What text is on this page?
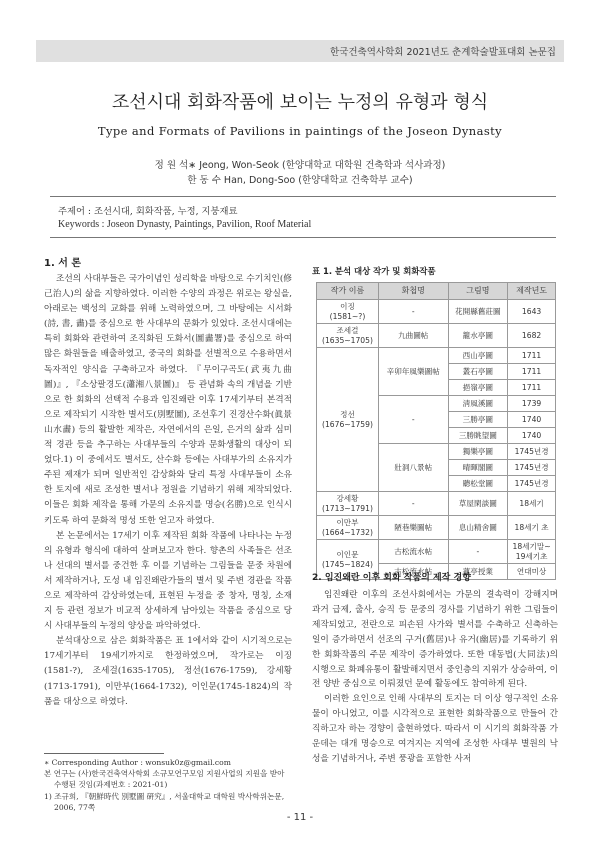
한국건축역사학회 2021년도 춘계학술발표대회 논문집
조선시대 회화작품에 보이는 누정의 유형과 형식
Type and Formats of Pavilions in paintings of the Joseon Dynasty
정 원 석∗ Jeong, Won-Seok (한양대학교 대학원 건축학과 석사과정)
한 동 수 Han, Dong-Soo (한양대학교 건축학부 교수)
주제어 : 조선시대, 회화작품, 누정, 지붕재료
Keywords : Joseon Dynasty, Paintings, Pavilion, Roof Material
1. 서 론

조선의 사대부들은 국가이념인 성리학을 바탕으로 수기치인(修己治人)의 삶을 지향하였다. 이러한 수양의 과정은 위로는 왕실을, 아래로는 백성의 교화를 위해 노력하였으며, 그 바탕에는 시서화(詩, 書, 畵)를 중심으로 한 사대부의 문화가 있었다. 조선시대에는 특히 회화와 관련하여 조직화된 도화서(圖畵署)를 중심으로 하여 많은 화원들을 배출하였고, 중국의 회화를 선별적으로 수용하면서 독자적인 양식을 구축하고자 하였다. 『무이구곡도(武夷九曲圖)』, 『소상팔경도(瀟湘八景圖)』 등 관념화 속의 개념을 기반으로 한 회화의 선택적 수용과 임진왜란 이후 17세기부터 본격적으로 제작되기 시작한 별서도(別墅圖), 조선후기 진경산수화(眞景山水畵) 등의 활발한 제작은, 자연에서의 은일, 은거의 삶과 심미적 경관 등을 추구하는 사대부들의 수양과 문화생활의 대상이 되었다.1) 이 중에서도 별서도, 산수화 등에는 사대부가의 소유지가 주된 제재가 되며 일반적인 감상화와 달리 특정 사대부들이 소유한 토지에 새로 조성한 별서나 정원을 기념하기 위해 제작되었다. 이들은 회화 제작을 통해 가문의 소유지를 명승(名勝)으로 인식시키도록 하여 문화적 명성 또한 얻고자 하였다.

본 논문에서는 17세기 이후 제작된 회화 작품에 나타나는 누정의 유형과 형식에 대하여 살펴보고자 한다. 향촌의 사족들은 선조나 선대의 별서를 중건한 후 이를 기념하는 그림들을 문중 차원에서 제작하거나, 도성 내 임진왜란가들의 별서 및 주변 경관을 작품으로 제작하여 감상하였는데, 표현된 누정을 중 창자, 명칭, 소재지 등 관련 정보가 비교적 상세하게 남아있는 작품을 중심으로 당시 사대부들의 누정의 양상을 파악하였다.

분석대상으로 삼은 회화작품은 표 1에서와 같이 시기적으로는 17세기부터 19세기까지로 한정하였으며, 작가로는 이징(1581-?), 조세걸(1635-1705), 정선(1676-1759), 강세황(1713-1791), 이만부(1664-1732), 이인문(1745-1824)의 작품을 대상으로 하였다.

∗ Corresponding Author : wonsuk0z@gmail.com

본 연구는 (사)한국건축역사학회 소규모연구모임 지원사업의 지원을 받아 수행된 것임(과제번호 : 2021-01)

1) 조규희, 『朝鮮時代 別墅圖 硏究』, 서울대학교 대학원 박사학위논문, 2006, 77쪽

표 1. 분석 대상 작가 및 회화작품
작가 이름	화첩명	그림명	제작년도
이징
(1581~?)	-	花開縣舊莊圖	1643
조세걸
(1635~1705)	九曲圖帖	籠水亭圖	1682
정선
(1676~1759)	辛卯年風樂圖帖	西山亭圖	1711
		叢石亭圖	1711
		挹嶺亭圖	1711
	-	淸風溪圖	1739
		三勝亭圖	1740
		三勝眺望圖	1740
	壯洞八景帖	獨樂亭圖	1745년경
		晴暉閣圖	1745년경
		聽松堂圖	1745년경
강세황
(1713~1791)	-	草屋閑談圖	18세기
이만부
(1664~1732)	陋巷樂圖帖	息山精舍圖	18세기 초
이인문
(1745~1824)	古松流水帖	-	18세기말~
19세기초
	古松流水帖	蓮亭授業	연대미상
2. 임진왜란 이후 회화 작품의 제작 경향

임진왜란 이후의 조선사회에서는 가문의 결속력이 강해지며 과거 급제, 출사, 승직 등 문중의 경사를 기념하기 위한 그림들이 제작되었고, 전란으로 피손된 사가와 별서를 수축하고 신축하는 일이 증가하면서 선조의 구거(舊居)나 유거(幽居)를 기록하기 위한 회화작품의 주문 제작이 증가하였다. 또한 대동법(大同法)의 시행으로 화폐유통이 활발해지면서 중인층의 지위가 상승하여, 이전 양반 중심으로 이뤄졌던 문예 활동에도 참여하게 된다.

이러한 요인으로 인해 사대부의 토지는 더 이상 영구적인 소유물이 아니었고, 이를 시각적으로 표현한 회화작품으로 만들어 간직하고자 하는 경향이 출현하였다. 따라서 이 시기의 회화작품 가운데는 대개 명승으로 여겨지는 지역에 조성한 사대부 별원의 낙성을 기념하거나, 주변 풍광을 포함한 사저

- 11 -
